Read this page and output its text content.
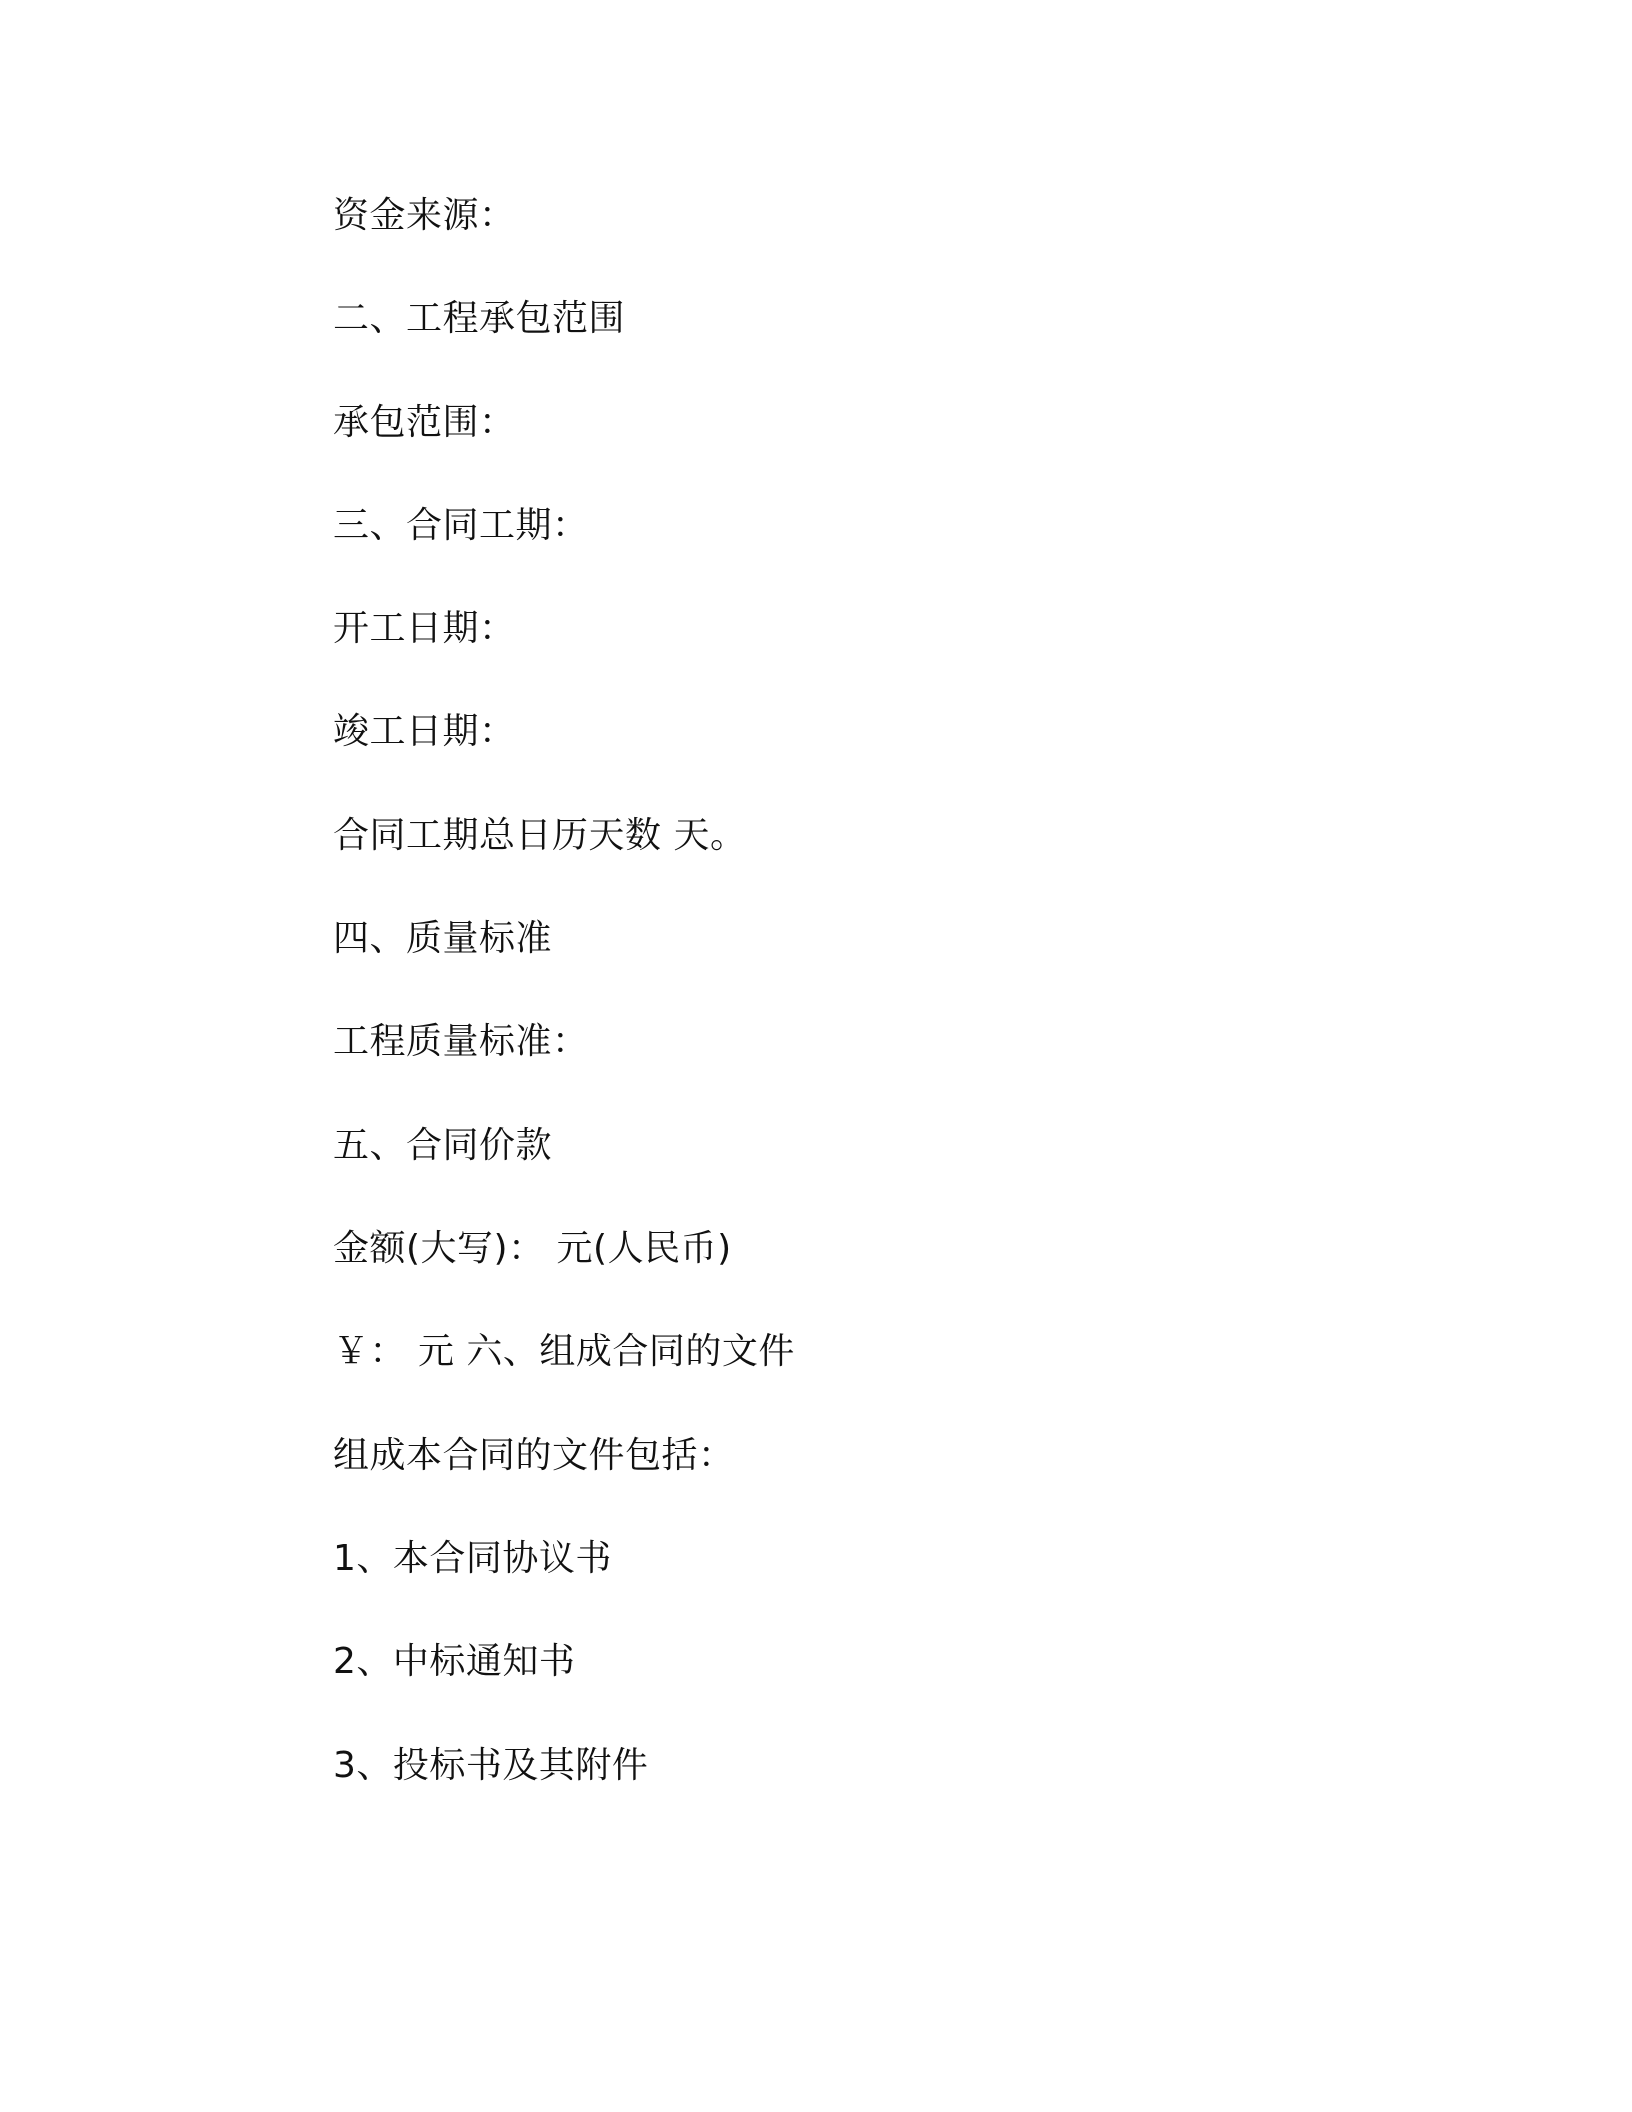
资金来源：
二、工程承包范围
承包范围：
三、合同工期：
开工日期：
竣工日期：
合同工期总日历天数 天。
四、质量标准
工程质量标准：
五、合同价款
金额(大写)： 元(人民币)
￥： 元 六、组成合同的文件
组成本合同的文件包括：
1、本合同协议书
2、中标通知书
3、投标书及其附件
